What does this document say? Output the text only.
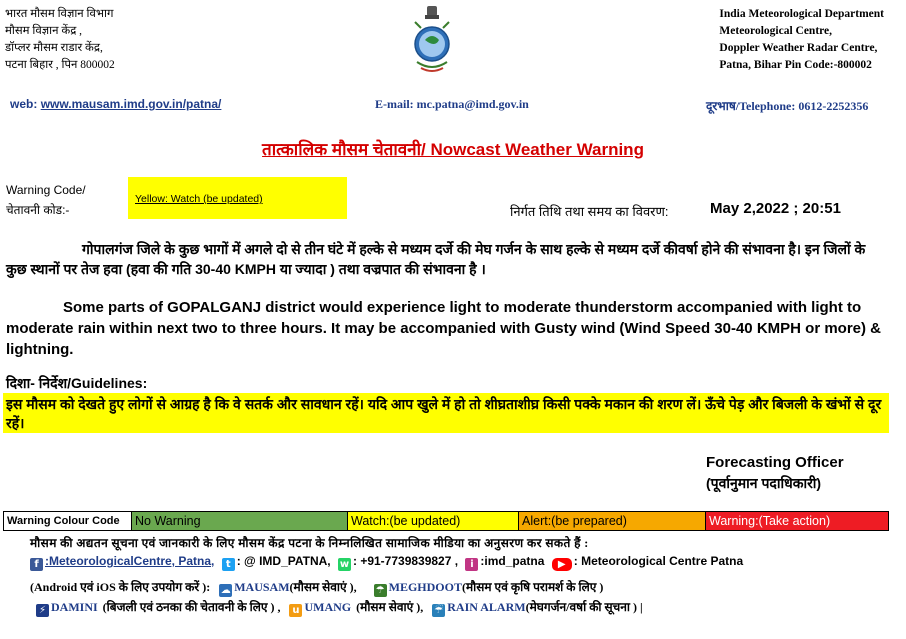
भारत मौसम विज्ञान विभाग
मौसम विज्ञान केंद्र ,
डॉप्लर मौसम राडार केंद्र,
पटना बिहार , पिन 800002
India Meteorological Department
Meteorological Centre,
Doppler Weather Radar Centre,
Patna, Bihar Pin Code:-800002
web: www.mausam.imd.gov.in/patna/	E-mail: mc.patna@imd.gov.in	दूरभाष/Telephone: 0612-2252356
तात्कालिक मौसम चेतावनी/ Nowcast Weather Warning
Warning Code/
चेतावनी कोड:-
Yellow: Watch (be updated)
निर्गत तिथि तथा समय का विवरण:	May 2,2022 ; 20:51
गोपालगंज जिले के कुछ भागों में अगले दो से तीन घंटे में हल्के से मध्यम दर्जे की मेघ गर्जन के साथ हल्के से मध्यम दर्जे कीवर्षा होने की संभावना है। इन जिलों के कुछ स्थानों पर तेज हवा (हवा की गति 30-40 KMPH या ज्यादा ) तथा वज्रपात की संभावना है ।
Some parts of GOPALGANJ district would experience light to moderate thunderstorm accompanied with light to moderate rain within next two to three hours. It may be accompanied with Gusty wind (Wind Speed 30-40 KMPH or more) & lightning.
दिशा- निर्देश/Guidelines:
इस मौसम को देखते हुए लोगों से आग्रह है कि वे सतर्क और सावधान रहें। यदि आप खुले में हो तो शीघ्रताशीघ्र किसी पक्के मकान की शरण लें। ऊँचे पेड़ और बिजली के खंभों से दूर रहें।
Forecasting Officer
(पूर्वानुमान पदाधिकारी)
Warning Colour Code	No Warning	Watch:(be updated)	Alert:(be prepared)	Warning:(Take action)
मौसम की अद्यतन सूचना एवं जानकारी के लिए मौसम केंद्र पटना के निम्नलिखित सामाजिक मीडिया का अनुसरण कर सकते हैं :
f :MeteorologicalCentre, Patna, t : @ IMD_PATNA, w : +91-7739839827 , i :imd_patna ▶ : Meteorological Centre Patna
(Android एवं iOS के लिए उपयोग करें ): ☁ MAUSAM(मौसम सेवाएं ), ☂ MEGHDOOT(मौसम एवं कृषि परामर्श के लिए )
⚡ DAMINI (बिजली एवं ठनका की चेतावनी के लिए ) , u UMANG (मौसम सेवाएं ), ☔ RAIN ALARM(मेघगर्जन/वर्षा की सूचना ) |
